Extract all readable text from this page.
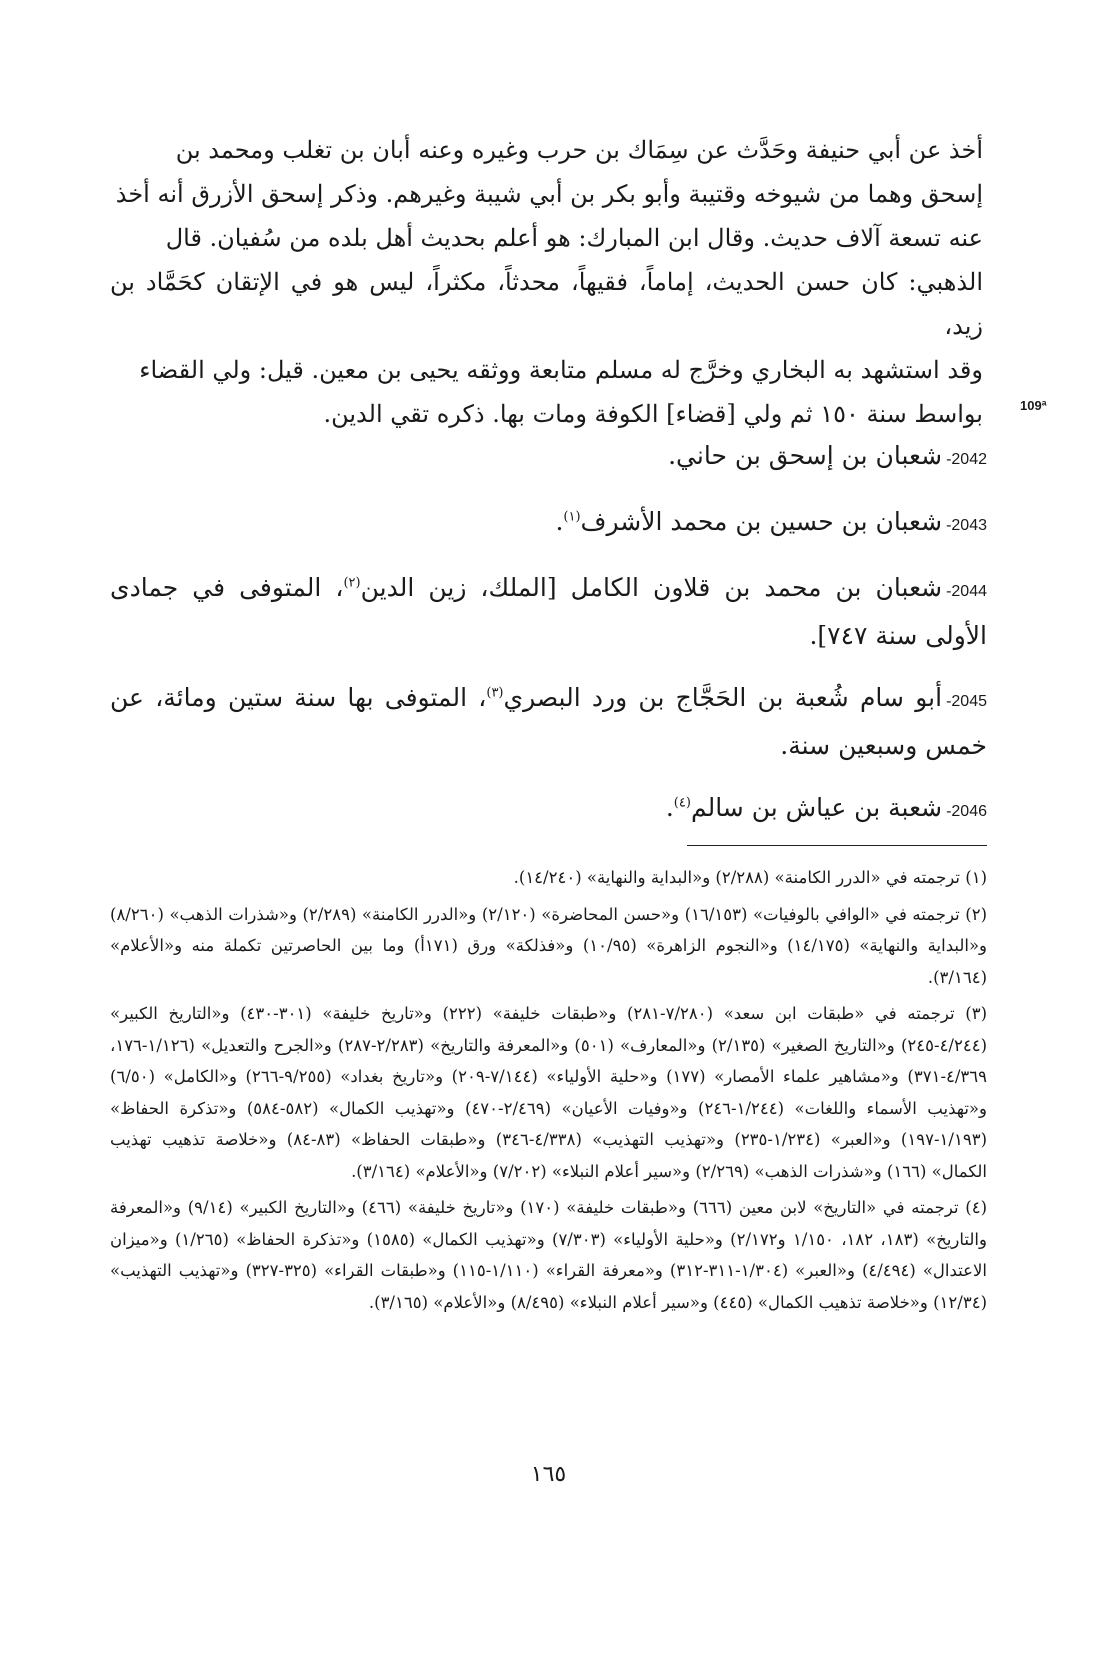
أخذ عن أبي حنيفة وحَدَّث عن سِمَاك بن حرب وغيره وعنه أبان بن تغلب ومحمد بن

إسحق وهما من شيوخه وقتيبة وأبو بكر بن أبي شيبة وغيرهم. وذكر إسحق الأزرق أنه أخذ

عنه تسعة آلاف حديث. وقال ابن المبارك: هو أعلم بحديث أهل بلده من سُفيان. قال

الذهبي: كان حسن الحديث، إماماً، فقيهاً، محدثاً، مكثراً، ليس هو في الإتقان كحَمَّاد بن زيد،

وقد استشهد به البخاري وخرَّج له مسلم متابعة ووثقه يحيى بن معين. قيل: ولي القضاء

بواسط سنة ١٥٠ ثم ولي [قضاء] الكوفة ومات بها. ذكره تقي الدين.	109ª

-2042شعبان بن إسحق بن حاني.

-2043شعبان بن حسين بن محمد الأشرف$^{(١)}$.

-2044شعبان بن محمد بن قلاون الكامل [الملك، زين الدين$^{(٢)}$، المتوفى في جمادى الأولى سنة ٧٤٧].

-2045أبو سام شُعبة بن الحَجَّاج بن ورد البصري$^{(٣)}$، المتوفى بها سنة ستين ومائة، عن خمس وسبعين سنة.

-2046شعبة بن عياش بن سالم$^{(٤)}$.

(١) ترجمته في «الدرر الكامنة» (٢/٢٨٨) و«البداية والنهاية» (١٤/٢٤٠).

(٢) ترجمته في «الوافي بالوفيات» (١٦/١٥٣) و«حسن المحاضرة» (٢/١٢٠) و«الدرر الكامنة» (٢/٢٨٩) و«شذرات الذهب» (٨/٢٦٠) و«البداية والنهاية» (١٤/١٧٥) و«النجوم الزاهرة» (١٠/٩٥) و«فذلكة» ورق (١٧١أ) وما بين الحاصرتين تكملة منه و«الأعلام» (٣/١٦٤).

(٣) ترجمته في «طبقات ابن سعد» (٧/٢٨٠-٢٨١) و«طبقات خليفة» (٢٢٢) و«تاريخ خليفة» (٣٠١-٤٣٠) و«التاريخ الكبير» (٤/٢٤٤-٢٤٥) و«التاريخ الصغير» (٢/١٣٥) و«المعارف» (٥٠١) و«المعرفة والتاريخ» (٢/٢٨٣-٢٨٧) و«الجرح والتعديل» (١/١٢٦-١٧٦، ٤/٣٦٩-٣٧١) و«مشاهير علماء الأمصار» (١٧٧) و«حلية الأولياء» (٧/١٤٤-٢٠٩) و«تاريخ بغداد» (٩/٢٥٥-٢٦٦) و«الكامل» (٦/٥٠) و«تهذيب الأسماء واللغات» (١/٢٤٤-٢٤٦) و«وفيات الأعيان» (٢/٤٦٩-٤٧٠) و«تهذيب الكمال» (٥٨٢-٥٨٤) و«تذكرة الحفاظ» (١/١٩٣-١٩٧) و«العبر» (١/٢٣٤-٢٣٥) و«تهذيب التهذيب» (٤/٣٣٨-٣٤٦) و«طبقات الحفاظ» (٨٣-٨٤) و«خلاصة تذهيب تهذيب الكمال» (١٦٦) و«شذرات الذهب» (٢/٢٦٩) و«سير أعلام النبلاء» (٧/٢٠٢) و«الأعلام» (٣/١٦٤).

(٤) ترجمته في «التاريخ» لابن معين (٦٦٦) و«طبقات خليفة» (١٧٠) و«تاريخ خليفة» (٤٦٦) و«التاريخ الكبير» (٩/١٤) و«المعرفة والتاريخ» (١٨٣، ١٨٢، ١/١٥٠ و٢/١٧٢) و«حلية الأولياء» (٧/٣٠٣) و«تهذيب الكمال» (١٥٨٥) و«تذكرة الحفاظ» (١/٢٦٥) و«ميزان الاعتدال» (٤/٤٩٤) و«العبر» (١/٣٠٤-٣١١-٣١٢) و«معرفة القراء» (١/١١٠-١١٥) و«طبقات القراء» (٣٢٥-٣٢٧) و«تهذيب التهذيب» (١٢/٣٤) و«خلاصة تذهيب الكمال» (٤٤٥) و«سير أعلام النبلاء» (٨/٤٩٥) و«الأعلام» (٣/١٦٥).

١٦٥
